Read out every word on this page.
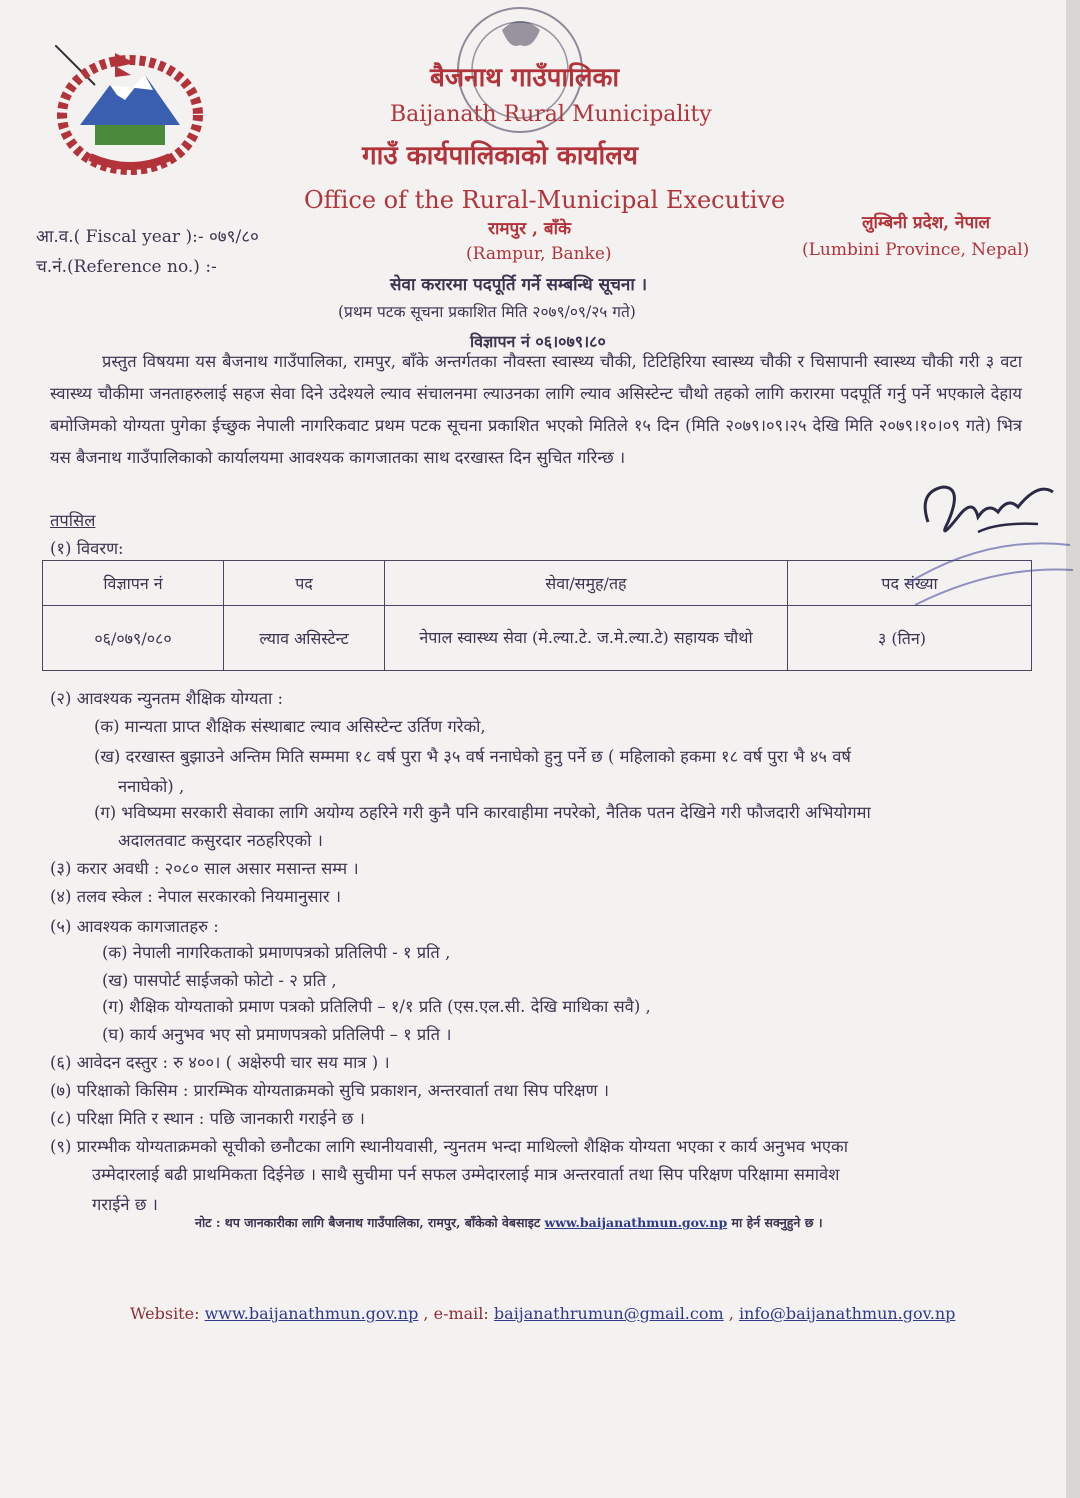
बैजनाथ गाउँपालिका
Baijanath Rural Municipality
गाउँ कार्यपालिकाको कार्यालय
Office of the Rural-Municipal Executive
रामपुर , बाँके
(Rampur, Banke)
लुम्बिनी प्रदेश, नेपाल
(Lumbini Province, Nepal)
आ.व.( Fiscal year ):- ०७९/८०
च.नं.(Reference no.) :-
सेवा करारमा पदपूर्ति गर्ने सम्बन्धि सूचना ।
(प्रथम पटक सूचना प्रकाशित मिति २०७९/०९/२५ गते)
विज्ञापन नं ०६।०७९।८०
प्रस्तुत विषयमा यस बैजनाथ गाउँपालिका, रामपुर, बाँके अन्तर्गतका नौवस्ता स्वास्थ्य चौकी, टिटिहिरिया स्वास्थ्य चौकी र चिसापानी स्वास्थ्य चौकी गरी ३ वटा स्वास्थ्य चौकीमा जनताहरुलाई सहज सेवा दिने उदेश्यले ल्याव संचालनमा ल्याउनका लागि ल्याव असिस्टेन्ट चौथो तहको लागि करारमा पदपूर्ति गर्नु पर्ने भएकाले देहाय बमोजिमको योग्यता पुगेका ईच्छुक नेपाली नागरिकवाट प्रथम पटक सूचना प्रकाशित भएको मितिले १५ दिन (मिति २०७९।०९।२५ देखि मिति २०७९।१०।०९ गते) भित्र यस बैजनाथ गाउँपालिकाको कार्यालयमा आवश्यक कागजातका साथ दरखास्त दिन सुचित गरिन्छ ।
तपसिल
(१) विवरण:
विज्ञापन नं	पद	सेवा/समुह/तह	पद संख्या
०६/०७९/०८०	ल्याव असिस्टेन्ट	नेपाल स्वास्थ्य सेवा (मे.ल्या.टे. ज.मे.ल्या.टे) सहायक चौथो	३ (तिन)
(२) आवश्यक न्युनतम शैक्षिक योग्यता :
(क) मान्यता प्राप्त शैक्षिक संस्थाबाट ल्याव असिस्टेन्ट उर्तिण गरेको,
(ख) दरखास्त बुझाउने अन्तिम मिति सम्ममा १८ वर्ष पुरा भै ३५ वर्ष ननाघेको हुनु पर्ने छ ( महिलाको हकमा १८ वर्ष पुरा भै ४५ वर्ष
ननाघेको) ,
(ग) भविष्यमा सरकारी सेवाका लागि अयोग्य ठहरिने गरी कुनै पनि कारवाहीमा नपरेको, नैतिक पतन देखिने गरी फौजदारी अभियोगमा
अदालतवाट कसुरदार नठहरिएको ।
(३) करार अवधी : २०८० साल असार मसान्त सम्म ।
(४) तलव स्केल : नेपाल सरकारको नियमानुसार ।
(५) आवश्यक कागजातहरु :
(क) नेपाली नागरिकताको प्रमाणपत्रको प्रतिलिपी - १ प्रति ,
(ख) पासपोर्ट साईजको फोटो - २ प्रति ,
(ग) शैक्षिक योग्यताको प्रमाण पत्रको प्रतिलिपी – १/१ प्रति (एस.एल.सी. देखि माथिका सवै) ,
(घ) कार्य अनुभव भए सो प्रमाणपत्रको प्रतिलिपी – १ प्रति ।
(६) आवेदन दस्तुर : रु ४००। ( अक्षेरुपी चार सय मात्र ) ।
(७) परिक्षाको किसिम : प्रारम्भिक योग्यताक्रमको सुचि प्रकाशन, अन्तरवार्ता तथा सिप परिक्षण ।
(८) परिक्षा मिति र स्थान : पछि जानकारी गराईने छ ।
(९) प्रारम्भीक योग्यताक्रमको सूचीको छनौटका लागि स्थानीयवासी, न्युनतम भन्दा माथिल्लो शैक्षिक योग्यता भएका र कार्य अनुभव भएका
उम्मेदारलाई बढी प्राथमिकता दिईनेछ । साथै सुचीमा पर्न सफल उम्मेदारलाई मात्र अन्तरवार्ता तथा सिप परिक्षण परिक्षामा समावेश
गराईने छ ।
नोट : थप जानकारीका लागि बैजनाथ गाउँपालिका, रामपुर, बाँकेको वेबसाइट www.baijanathmun.gov.np मा हेर्न सक्नुहुने छ ।
Website: www.baijanathmun.gov.np , e-mail: baijanathrumun@gmail.com , info@baijanathmun.gov.np
